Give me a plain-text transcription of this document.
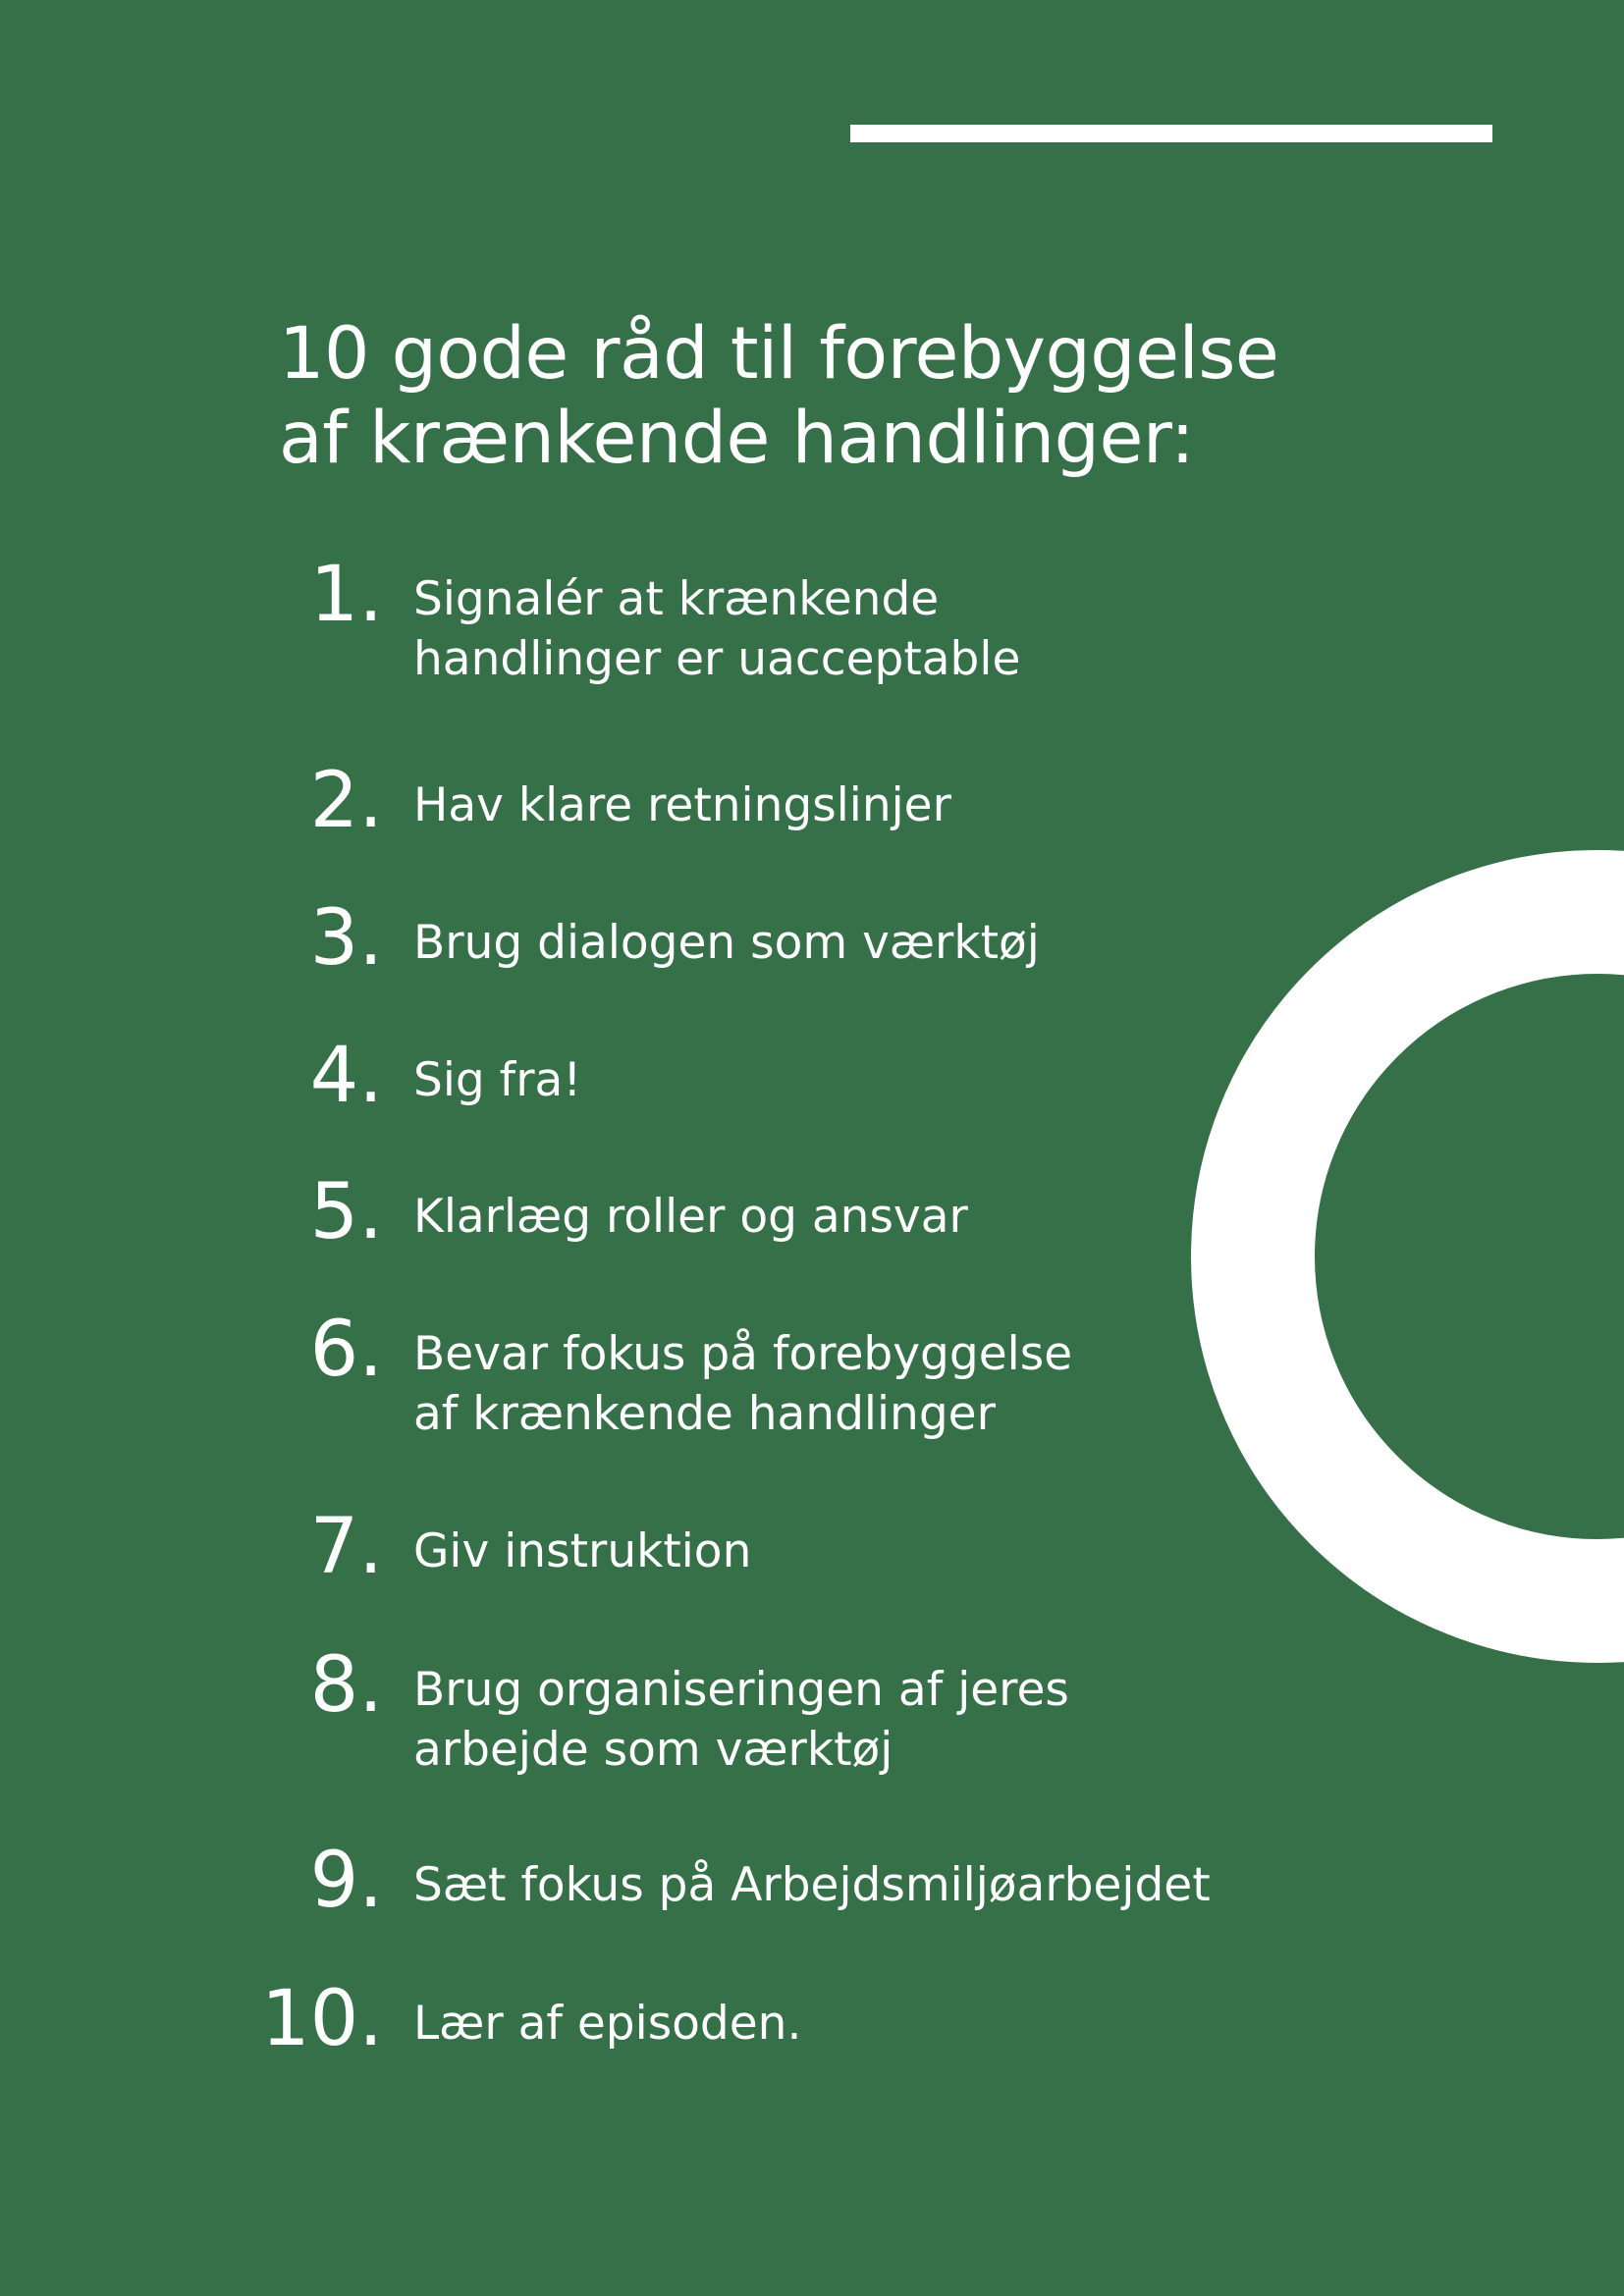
10 gode råd til forebyggelse
af krænkende handlinger:
1. Signalér at krænkende
handlinger er uacceptable
2. Hav klare retningslinjer
3. Brug dialogen som værktøj
4. Sig fra!
5. Klarlæg roller og ansvar
6. Bevar fokus på forebyggelse
af krænkende handlinger
7. Giv instruktion
8. Brug organiseringen af jeres
arbejde som værktøj
9. Sæt fokus på Arbejdsmiljøarbejdet
10. Lær af episoden.
